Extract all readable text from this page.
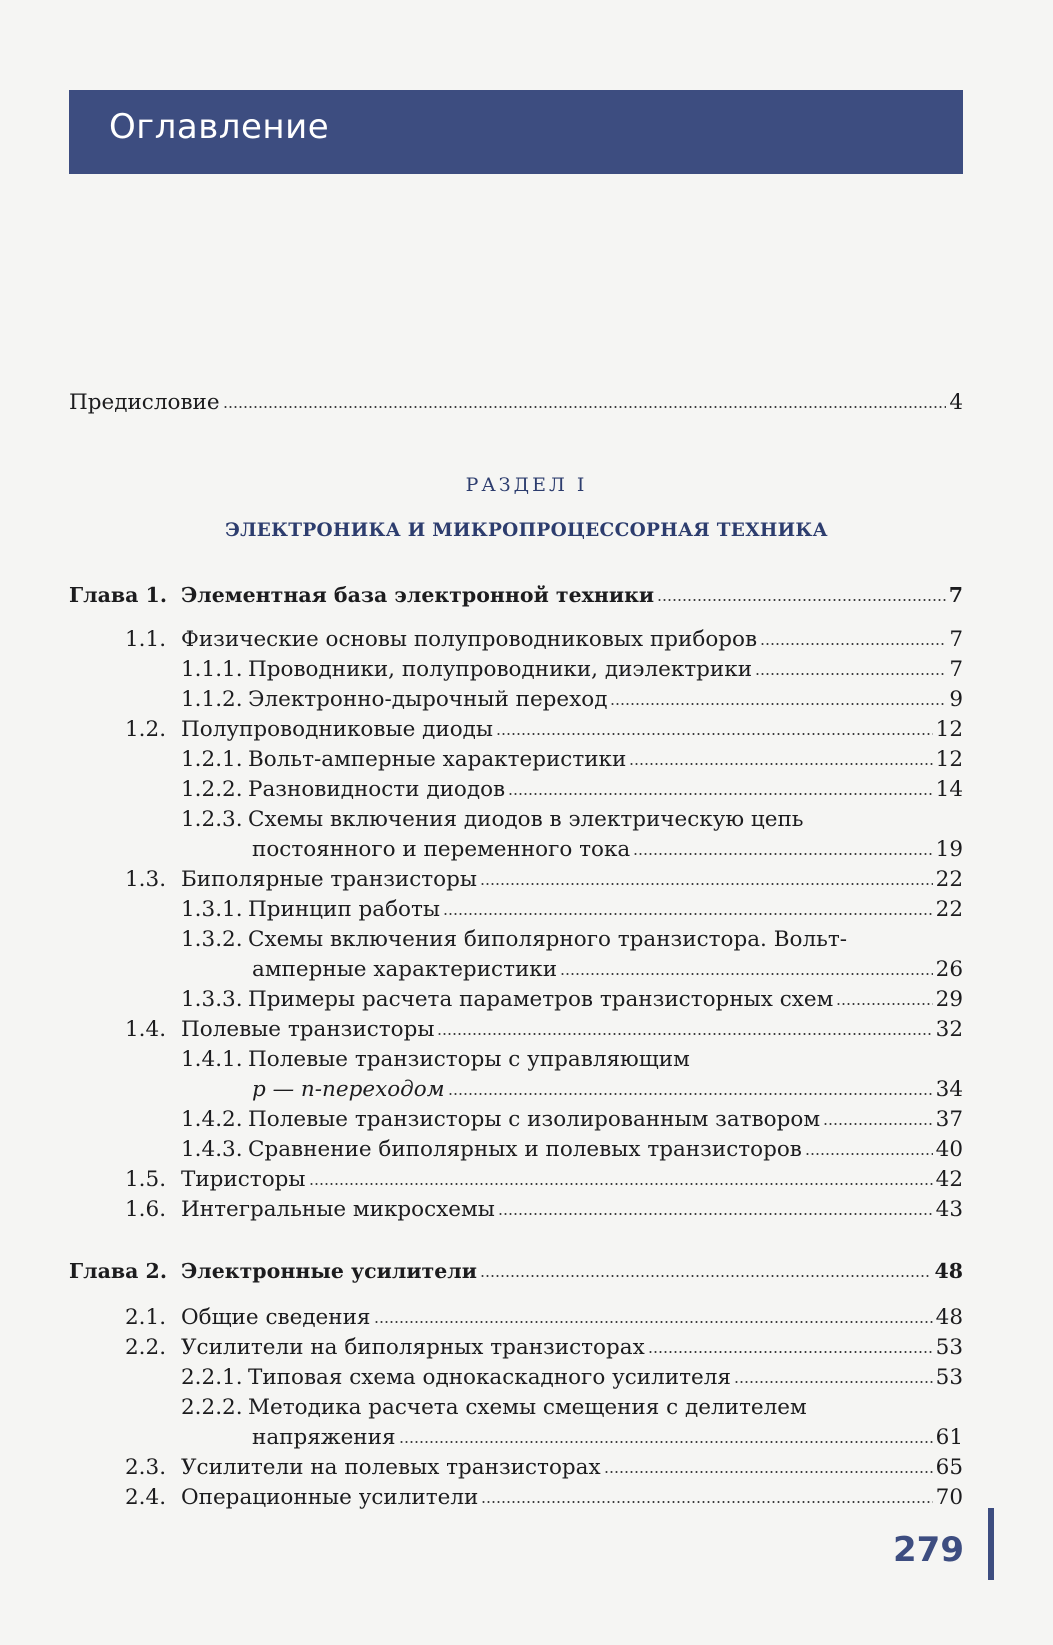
Оглавление
Предисловие	4
РАЗДЕЛ I
ЭЛЕКТРОНИКА И МИКРОПРОЦЕССОРНАЯ ТЕХНИКА
Глава 1. Элементная база электронной техники	7
1.1. Физические основы полупроводниковых приборов	7
1.1.1. Проводники, полупроводники, диэлектрики	7
1.1.2. Электронно-дырочный переход	9
1.2. Полупроводниковые диоды	12
1.2.1. Вольт-амперные характеристики	12
1.2.2. Разновидности диодов	14
1.2.3. Схемы включения диодов в электрическую цепь
постоянного и переменного тока	19
1.3. Биполярные транзисторы	22
1.3.1. Принцип работы	22
1.3.2. Схемы включения биполярного транзистора. Вольт-
амперные характеристики	26
1.3.3. Примеры расчета параметров транзисторных схем	29
1.4. Полевые транзисторы	32
1.4.1. Полевые транзисторы с управляющим
p — n-переходом	34
1.4.2. Полевые транзисторы с изолированным затвором	37
1.4.3. Сравнение биполярных и полевых транзисторов	40
1.5. Тиристоры	42
1.6. Интегральные микросхемы	43
Глава 2. Электронные усилители	48
2.1. Общие сведения	48
2.2. Усилители на биполярных транзисторах	53
2.2.1. Типовая схема однокаскадного усилителя	53
2.2.2. Методика расчета схемы смещения с делителем
напряжения	61
2.3. Усилители на полевых транзисторах	65
2.4. Операционные усилители	70
279
